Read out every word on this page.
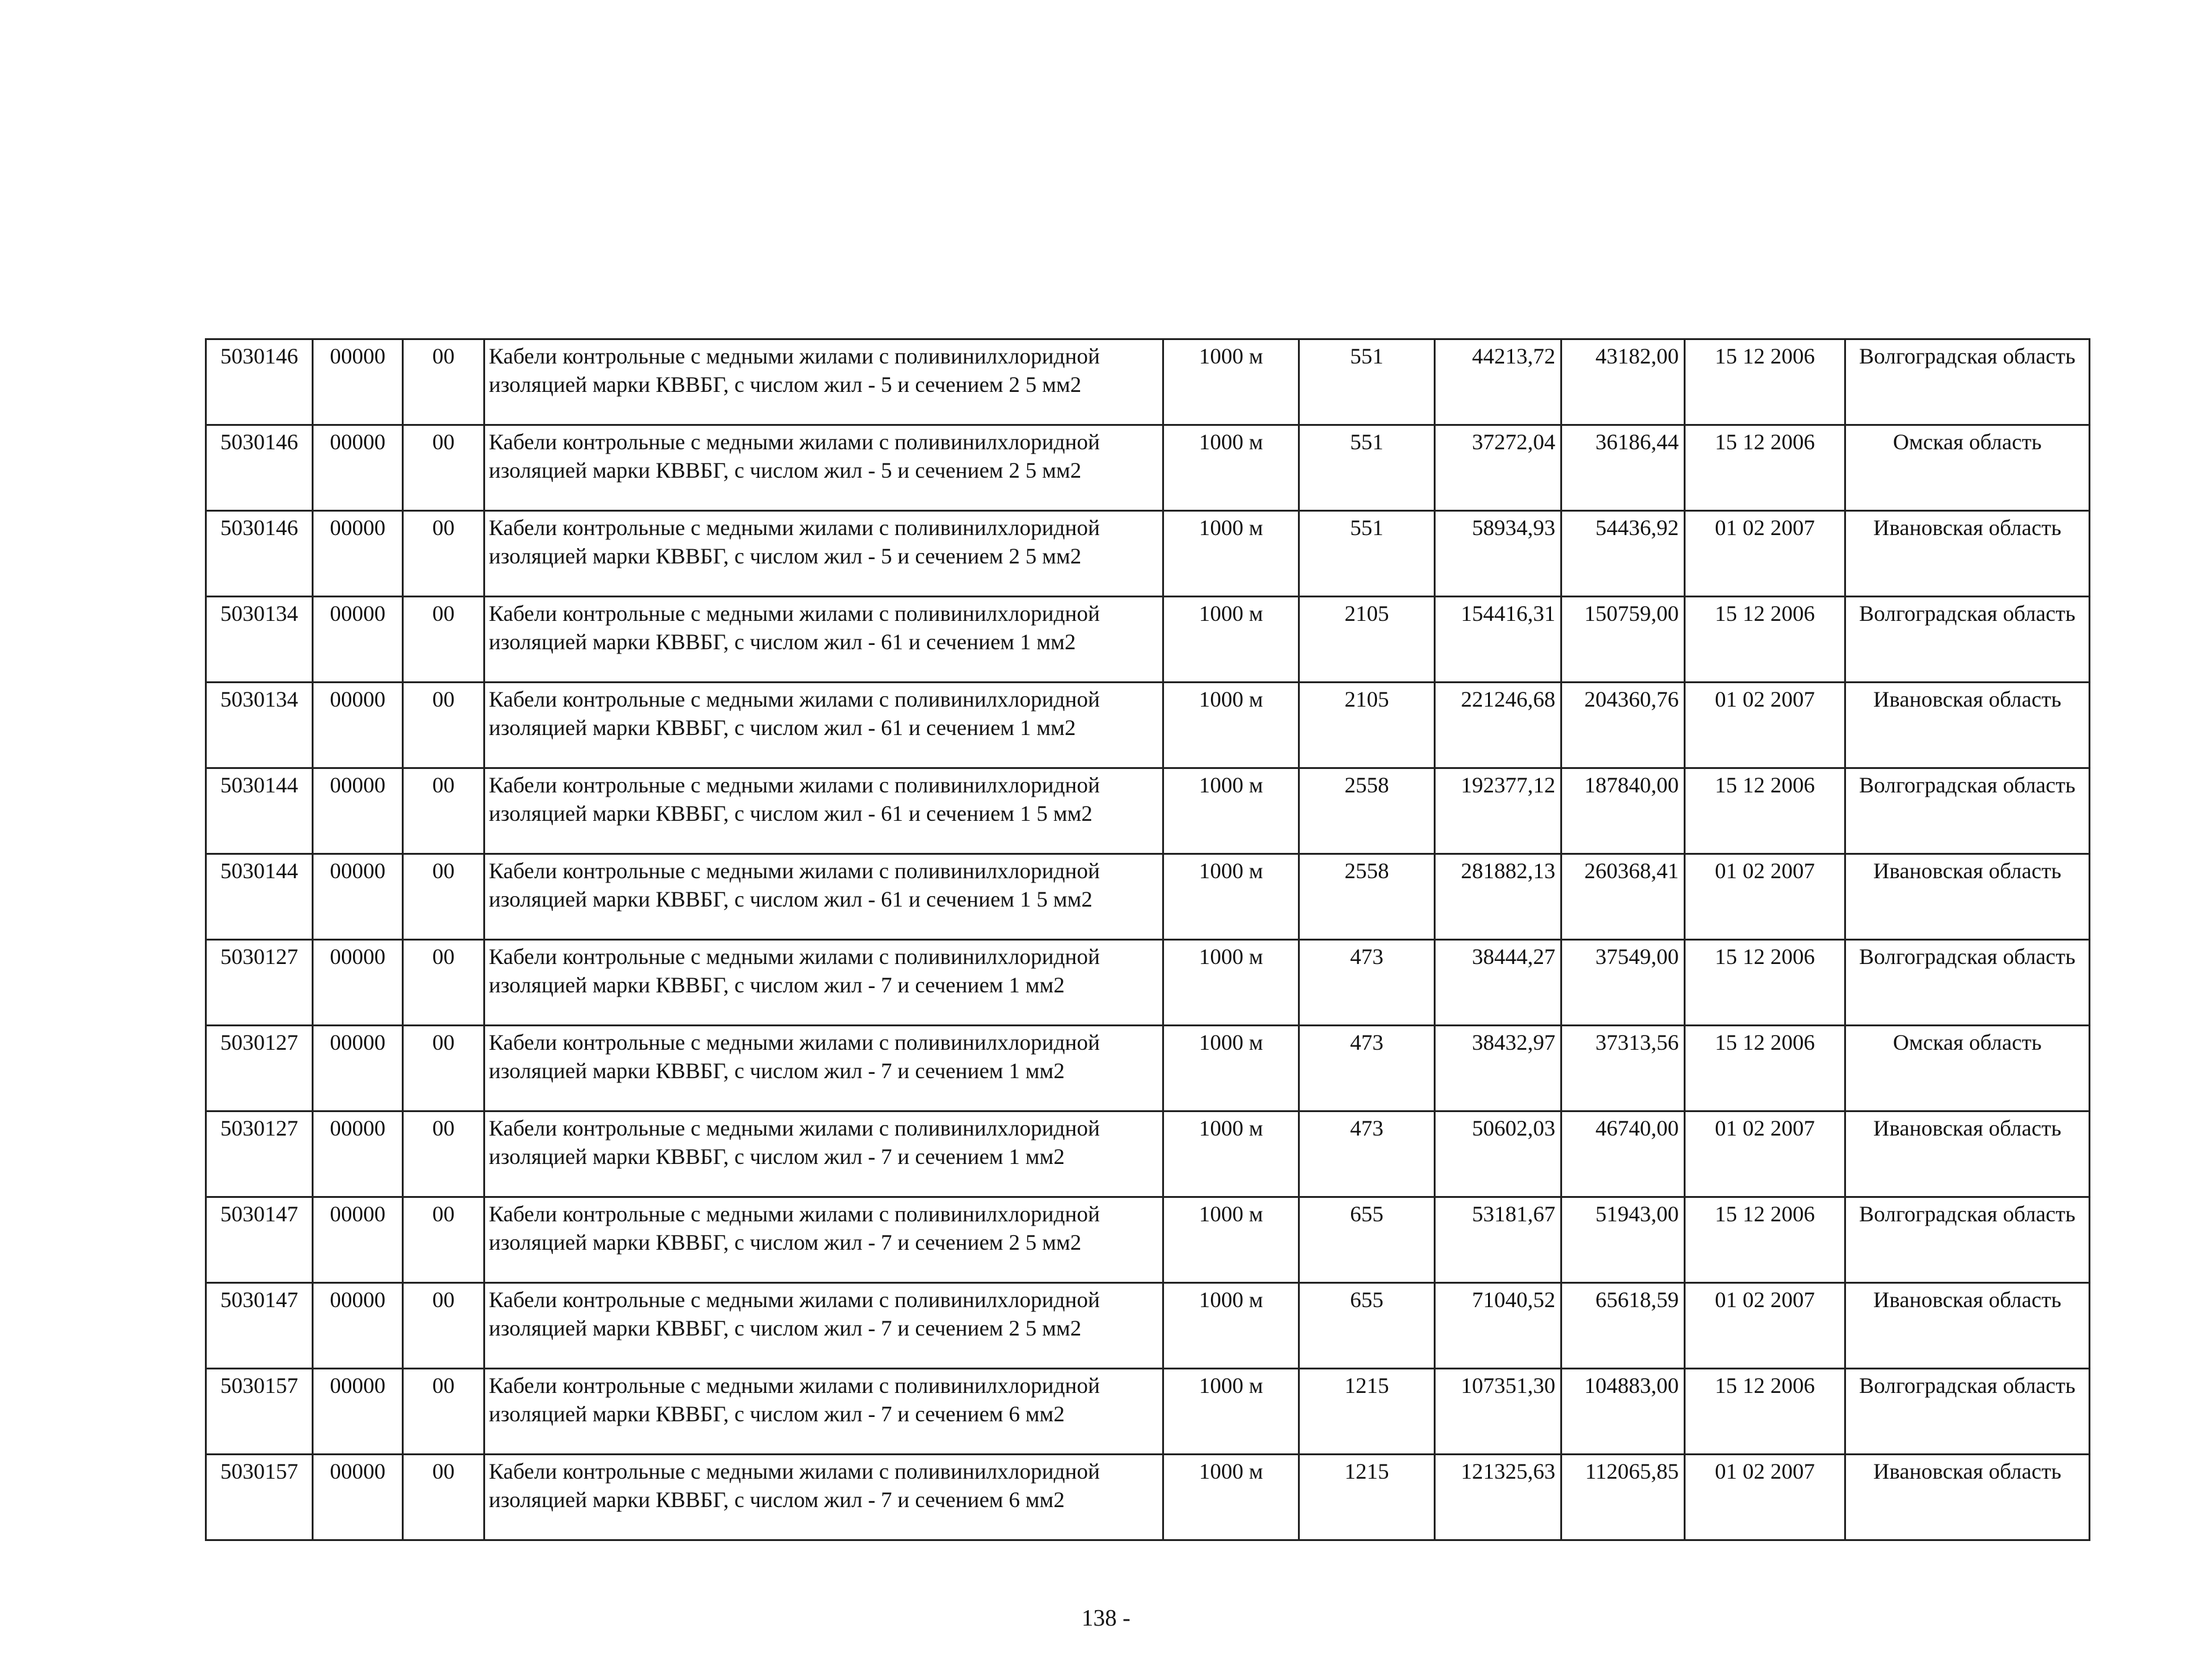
5030146	00000	00	Кабели контрольные с медными жилами с поливинилхлоридной изоляцией марки КВВБГ, с числом жил - 5 и сечением 2 5 мм2	1000 м	551	44213,72	43182,00	15 12 2006	Волгоградская область
5030146	00000	00	Кабели контрольные с медными жилами с поливинилхлоридной изоляцией марки КВВБГ, с числом жил - 5 и сечением 2 5 мм2	1000 м	551	37272,04	36186,44	15 12 2006	Омская область
5030146	00000	00	Кабели контрольные с медными жилами с поливинилхлоридной изоляцией марки КВВБГ, с числом жил - 5 и сечением 2 5 мм2	1000 м	551	58934,93	54436,92	01 02 2007	Ивановская область
5030134	00000	00	Кабели контрольные с медными жилами с поливинилхлоридной изоляцией марки КВВБГ, с числом жил - 61 и сечением 1 мм2	1000 м	2105	154416,31	150759,00	15 12 2006	Волгоградская область
5030134	00000	00	Кабели контрольные с медными жилами с поливинилхлоридной изоляцией марки КВВБГ, с числом жил - 61 и сечением 1 мм2	1000 м	2105	221246,68	204360,76	01 02 2007	Ивановская область
5030144	00000	00	Кабели контрольные с медными жилами с поливинилхлоридной изоляцией марки КВВБГ, с числом жил - 61 и сечением 1 5 мм2	1000 м	2558	192377,12	187840,00	15 12 2006	Волгоградская область
5030144	00000	00	Кабели контрольные с медными жилами с поливинилхлоридной изоляцией марки КВВБГ, с числом жил - 61 и сечением 1 5 мм2	1000 м	2558	281882,13	260368,41	01 02 2007	Ивановская область
5030127	00000	00	Кабели контрольные с медными жилами с поливинилхлоридной изоляцией марки КВВБГ, с числом жил - 7 и сечением 1 мм2	1000 м	473	38444,27	37549,00	15 12 2006	Волгоградская область
5030127	00000	00	Кабели контрольные с медными жилами с поливинилхлоридной изоляцией марки КВВБГ, с числом жил - 7 и сечением 1 мм2	1000 м	473	38432,97	37313,56	15 12 2006	Омская область
5030127	00000	00	Кабели контрольные с медными жилами с поливинилхлоридной изоляцией марки КВВБГ, с числом жил - 7 и сечением 1 мм2	1000 м	473	50602,03	46740,00	01 02 2007	Ивановская область
5030147	00000	00	Кабели контрольные с медными жилами с поливинилхлоридной изоляцией марки КВВБГ, с числом жил - 7 и сечением 2 5 мм2	1000 м	655	53181,67	51943,00	15 12 2006	Волгоградская область
5030147	00000	00	Кабели контрольные с медными жилами с поливинилхлоридной изоляцией марки КВВБГ, с числом жил - 7 и сечением 2 5 мм2	1000 м	655	71040,52	65618,59	01 02 2007	Ивановская область
5030157	00000	00	Кабели контрольные с медными жилами с поливинилхлоридной изоляцией марки КВВБГ, с числом жил - 7 и сечением 6 мм2	1000 м	1215	107351,30	104883,00	15 12 2006	Волгоградская область
5030157	00000	00	Кабели контрольные с медными жилами с поливинилхлоридной изоляцией марки КВВБГ, с числом жил - 7 и сечением 6 мм2	1000 м	1215	121325,63	112065,85	01 02 2007	Ивановская область
138 -
